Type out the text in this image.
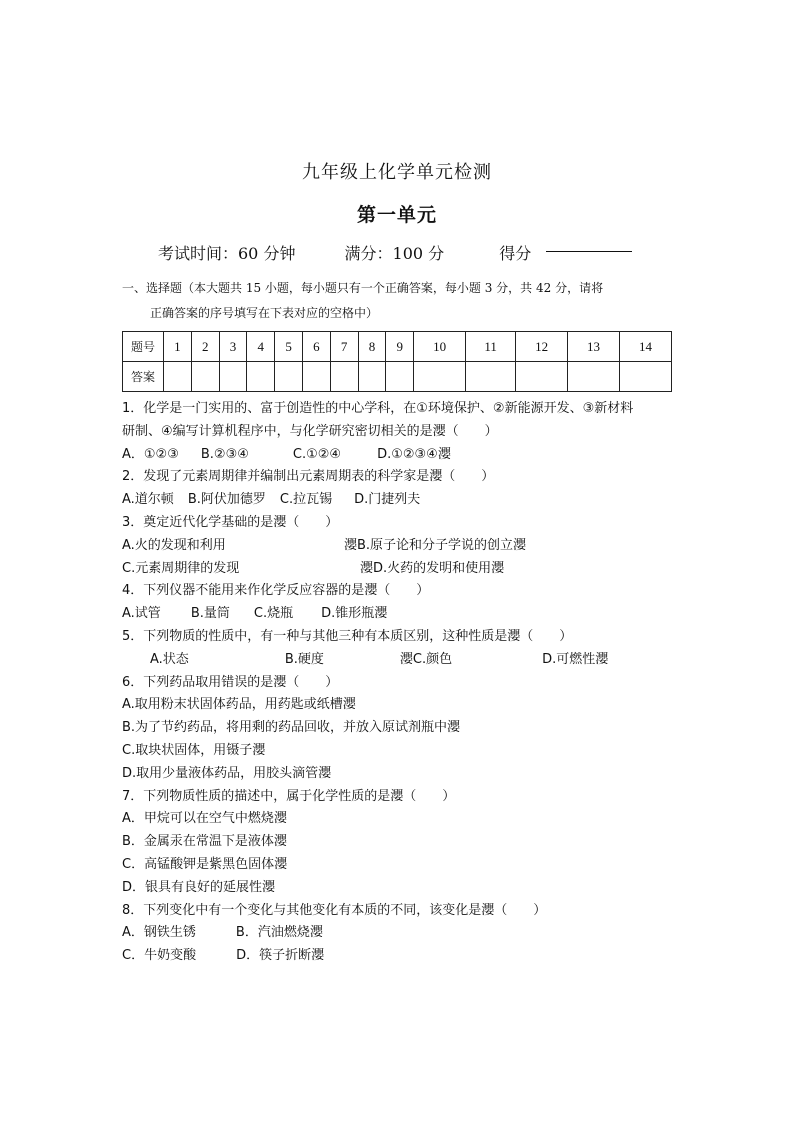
九年级上化学单元检测
第一单元
考试时间：60 分钟	满分：100 分	得分
一、选择题（本大题共 15 小题，每小题只有一个正确答案，每小题 3 分，共 42 分，请将
正确答案的序号填写在下表对应的空格中）
题号	1	2	3	4	5	6	7	8	9	10	11	12	13	14
答案														
1．化学是一门实用的、富于创造性的中心学科，在①环境保护、②新能源开发、③新材料
研制、④编写计算机程序中，与化学研究密切相关的是瀴（　　）
A．①②③ B.②③④	C.①②④	D.①②③④瀴
2．发现了元素周期律并编制出元素周期表的科学家是瀴（　　）
A.道尔顿 B.阿伏加德罗 C.拉瓦锡 D.门捷列夫
3．奠定近代化学基础的是瀴（　　）
A.火的发现和利用	瀴B.原子论和分子学说的创立瀴
C.元素周期律的发现	瀴D.火药的发明和使用瀴
4．下列仪器不能用来作化学反应容器的是瀴（　　）
A.试管 B.量筒 C.烧瓶 D.锥形瓶瀴
5．下列物质的性质中，有一种与其他三种有本质区别，这种性质是瀴（　　）
A.状态	B.硬度	瀴C.颜色	D.可燃性瀴
6．下列药品取用错误的是瀴（　　）
A.取用粉末状固体药品，用药匙或纸槽瀴
B.为了节约药品，将用剩的药品回收，并放入原试剂瓶中瀴
C.取块状固体，用镊子瀴
D.取用少量液体药品，用胶头滴管瀴
7．下列物质性质的描述中，属于化学性质的是瀴（　　）
A．甲烷可以在空气中燃烧瀴
B．金属汞在常温下是液体瀴
C．高锰酸钾是紫黑色固体瀴
D．银具有良好的延展性瀴
8．下列变化中有一个变化与其他变化有本质的不同，该变化是瀴（　　）
A．钢铁生锈	B．汽油燃烧瀴
C．牛奶变酸	D．筷子折断瀴
